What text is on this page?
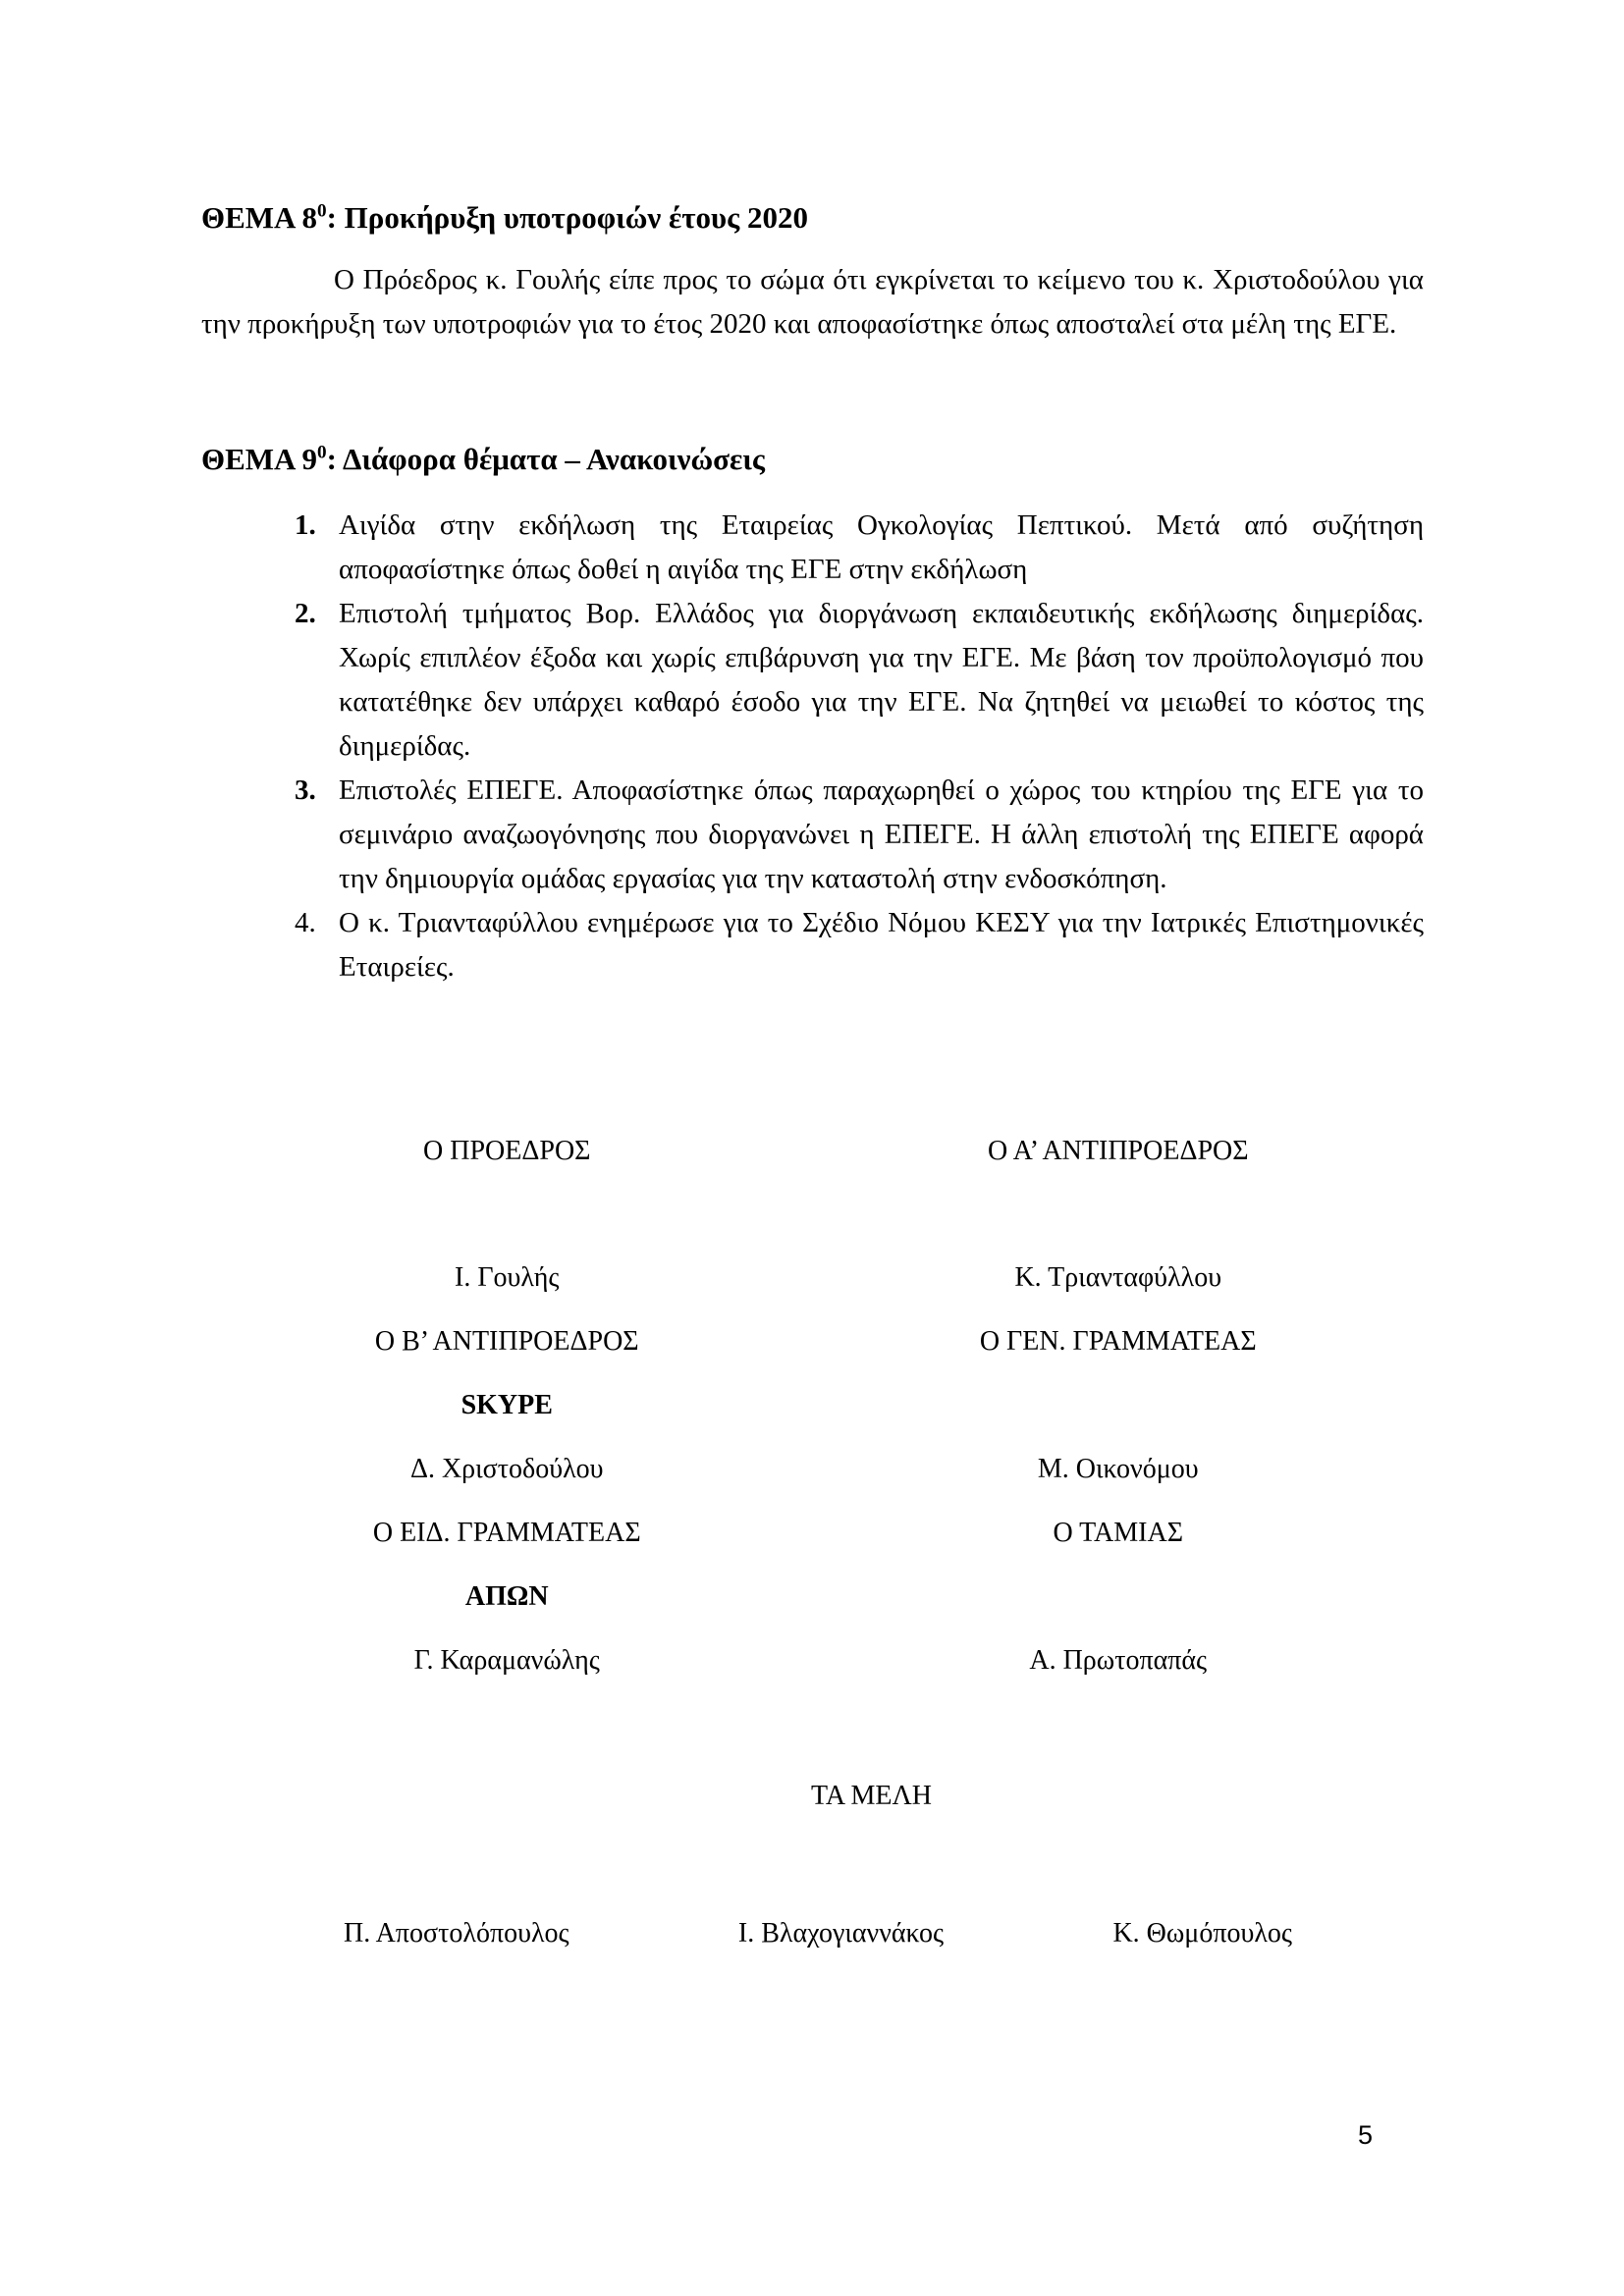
ΘΕΜΑ $8^0$: Προκήρυξη υποτροφιών έτους 2020

Ο Πρόεδρος κ. Γουλής είπε προς το σώμα ότι εγκρίνεται το κείμενο του κ. Χριστοδούλου για την προκήρυξη των υποτροφιών για το έτος 2020 και αποφασίστηκε όπως αποσταλεί στα μέλη της ΕΓΕ.

ΘΕΜΑ $9^0$: Διάφορα θέματα – Ανακοινώσεις
1. Αιγίδα στην εκδήλωση της Εταιρείας Ογκολογίας Πεπτικού. Μετά από συζήτηση αποφασίστηκε όπως δοθεί η αιγίδα της ΕΓΕ στην εκδήλωση
2. Επιστολή τμήματος Βορ. Ελλάδος για διοργάνωση εκπαιδευτικής εκδήλωσης διημερίδας. Χωρίς επιπλέον έξοδα και χωρίς επιβάρυνση για την ΕΓΕ. Με βάση τον προϋπολογισμό που κατατέθηκε δεν υπάρχει καθαρό έσοδο για την ΕΓΕ. Να ζητηθεί να μειωθεί το κόστος της διημερίδας.
3. Επιστολές ΕΠΕΓΕ. Αποφασίστηκε όπως παραχωρηθεί ο χώρος του κτηρίου της ΕΓΕ για το σεμινάριο αναζωογόνησης που διοργανώνει η ΕΠΕΓΕ. Η άλλη επιστολή της ΕΠΕΓΕ αφορά την δημιουργία ομάδας εργασίας για την καταστολή στην ενδοσκόπηση.
4. Ο κ. Τριανταφύλλου ενημέρωσε για το Σχέδιο Νόμου ΚΕΣΥ για την Ιατρικές Επιστημονικές Εταιρείες.
Ο ΠΡΟΕΔΡΟΣ	Ο Α’ ΑΝΤΙΠΡΟΕΔΡΟΣ
Ι. Γουλής	Κ. Τριανταφύλλου
Ο Β’ ΑΝΤΙΠΡΟΕΔΡΟΣ	Ο ΓΕΝ. ΓΡΑΜΜΑΤΕΑΣ
SKYPE
Δ. Χριστοδούλου	Μ. Οικονόμου
Ο ΕΙΔ. ΓΡΑΜΜΑΤΕΑΣ	Ο ΤΑΜΙΑΣ
ΑΠΩΝ
Γ. Καραμανώλης	Α. Πρωτοπαπάς
ΤΑ ΜΕΛΗ
Π. Αποστολόπουλος	Ι. Βλαχογιαννάκος	Κ. Θωμόπουλος
5
